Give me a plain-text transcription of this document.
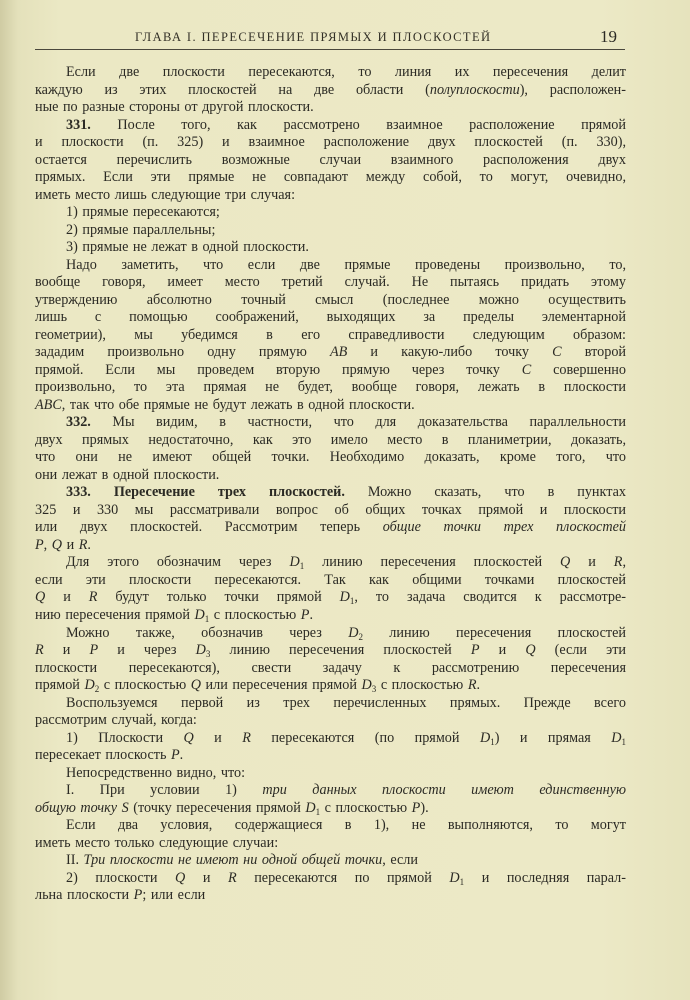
ГЛАВА I. ПЕРЕСЕЧЕНИЕ ПРЯМЫХ И ПЛОСКОСТЕЙ	19
Если две плоскости пересекаются, то линия их пересечения делит
каждую из этих плоскостей на две области (полуплоскости), расположен-
ные по разные стороны от другой плоскости.
331. После того, как рассмотрено взаимное расположение прямой
и плоскости (п. 325) и взаимное расположение двух плоскостей (п. 330),
остается перечислить возможные случаи взаимного расположения двух
прямых. Если эти прямые не совпадают между собой, то могут, очевидно,
иметь место лишь следующие три случая:
1) прямые пересекаются;
2) прямые параллельны;
3) прямые не лежат в одной плоскости.
Надо заметить, что если две прямые проведены произвольно, то,
вообще говоря, имеет место третий случай. Не пытаясь придать этому
утверждению абсолютно точный смысл (последнее можно осуществить
лишь с помощью соображений, выходящих за пределы элементарной
геометрии), мы убедимся в его справедливости следующим образом:
зададим произвольно одну прямую AB и какую-либо точку C второй
прямой. Если мы проведем вторую прямую через точку C совершенно
произвольно, то эта прямая не будет, вообще говоря, лежать в плоскости
ABC, так что обе прямые не будут лежать в одной плоскости.
332. Мы видим, в частности, что для доказательства параллельности
двух прямых недостаточно, как это имело место в планиметрии, доказать,
что они не имеют общей точки. Необходимо доказать, кроме того, что
они лежат в одной плоскости.
333. Пересечение трех плоскостей. Можно сказать, что в пунктах
325 и 330 мы рассматривали вопрос об общих точках прямой и плоскости
или двух плоскостей. Рассмотрим теперь общие точки трех плоскостей
P, Q и R.
Для этого обозначим через $D_1$ линию пересечения плоскостей Q и R,
если эти плоскости пересекаются. Так как общими точками плоскостей
Q и R будут только точки прямой $D_1$, то задача сводится к рассмотре-
нию пересечения прямой $D_1$ с плоскостью P.
Можно также, обозначив через $D_2$ линию пересечения плоскостей
R и P и через $D_3$ линию пересечения плоскостей P и Q (если эти
плоскости пересекаются), свести задачу к рассмотрению пересечения
прямой $D_2$ с плоскостью Q или пересечения прямой $D_3$ с плоскостью R.
Воспользуемся первой из трех перечисленных прямых. Прежде всего
рассмотрим случай, когда:
1) Плоскости Q и R пересекаются (по прямой $D_1$) и прямая $D_1$
пересекает плоскость P.
Непосредственно видно, что:
I. При условии 1) три данных плоскости имеют единственную
общую точку S (точку пересечения прямой $D_1$ с плоскостью P).
Если два условия, содержащиеся в 1), не выполняются, то могут
иметь место только следующие случаи:
II. Три плоскости не имеют ни одной общей точки, если
2) плоскости Q и R пересекаются по прямой $D_1$ и последняя парал-
льна плоскости P; или если
